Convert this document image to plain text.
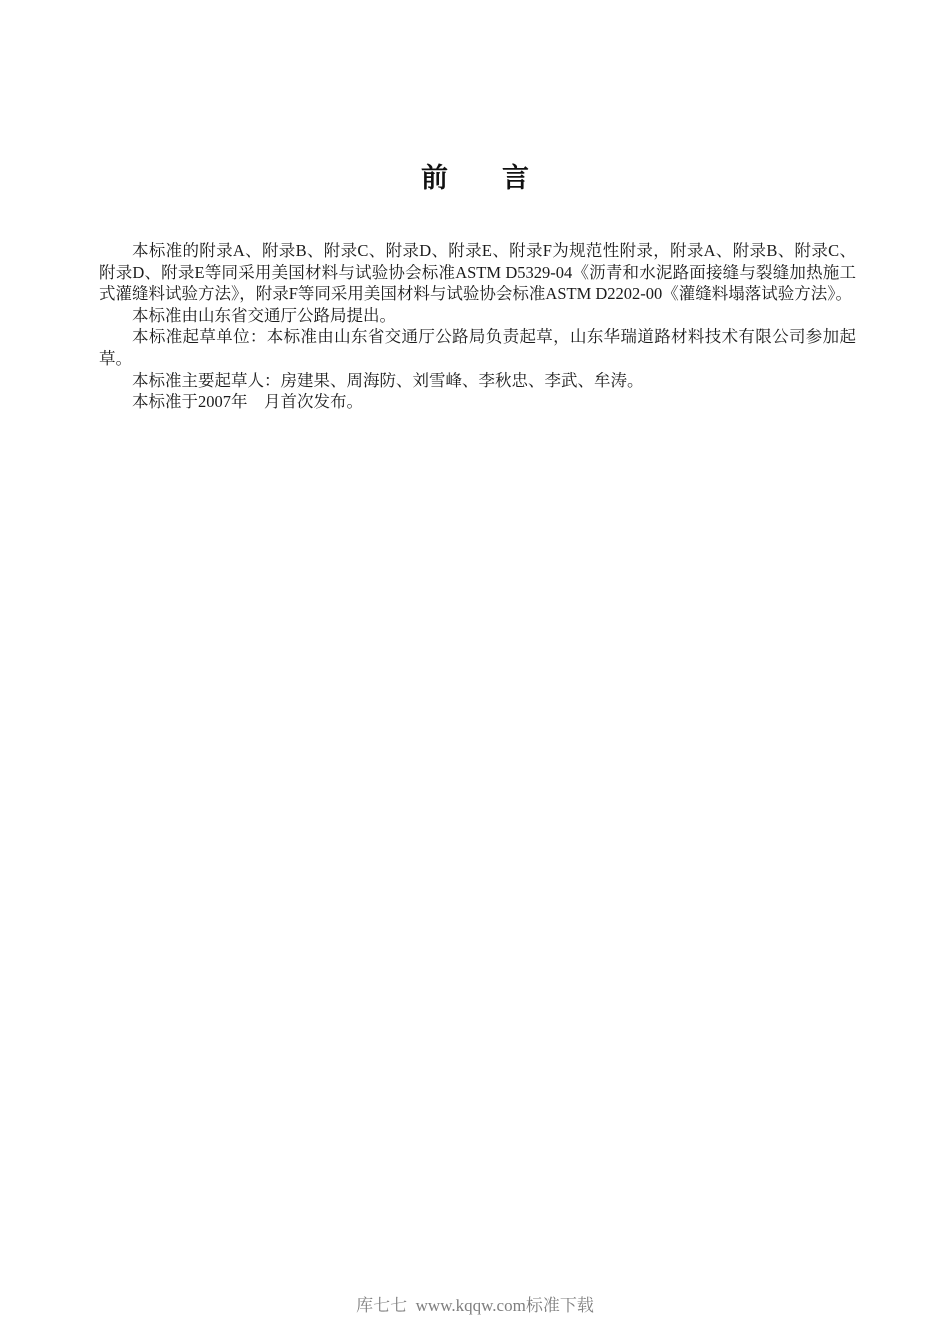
前　　言

本标准的附录A、附录B、附录C、附录D、附录E、附录F为规范性附录，附录A、附录B、附录C、附录D、附录E等同采用美国材料与试验协会标准ASTM D5329-04《沥青和水泥路面接缝与裂缝加热施工式灌缝料试验方法》，附录F等同采用美国材料与试验协会标准ASTM D2202-00《灌缝料塌落试验方法》。

本标准由山东省交通厅公路局提出。

本标准起草单位：本标准由山东省交通厅公路局负责起草，山东华瑞道路材料技术有限公司参加起草。

本标准主要起草人：房建果、周海防、刘雪峰、李秋忠、李武、牟涛。

本标准于2007年　月首次发布。

库七七  www.kqqw.com标准下载
